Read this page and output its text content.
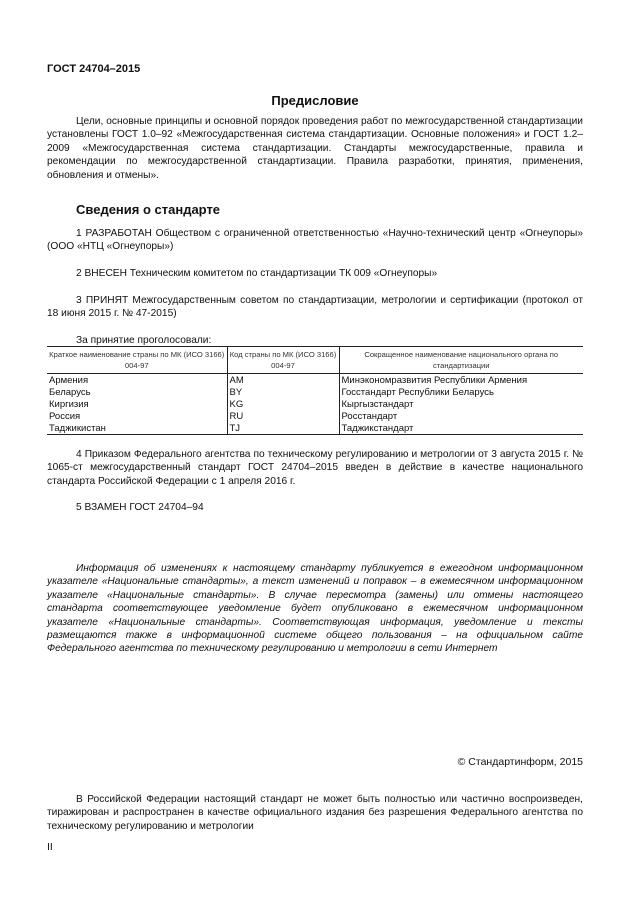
ГОСТ 24704–2015
Предисловие
Цели, основные принципы и основной порядок проведения работ по межгосударственной стандартизации установлены ГОСТ 1.0–92 «Межгосударственная система стандартизации. Основные положения» и ГОСТ 1.2–2009 «Межгосударственная система стандартизации. Стандарты межгосударственные, правила и рекомендации по межгосударственной стандартизации. Правила разработки, принятия, применения, обновления и отмены».
Сведения о стандарте
1 РАЗРАБОТАН Обществом с ограниченной ответственностью «Научно-технический центр «Огнеупоры» (ООО «НТЦ «Огнеупоры»)
2 ВНЕСЕН Техническим комитетом по стандартизации ТК 009 «Огнеупоры»
3 ПРИНЯТ Межгосударственным советом по стандартизации, метрологии и сертификации (протокол от 18 июня 2015 г. № 47-2015)
За принятие проголосовали:
Краткое наименование страны по МК (ИСО 3166) 004-97	Код страны по МК (ИСО 3166) 004-97	Сокращенное наименование национального органа по стандартизации
Армения	AM	Минэкономразвития Республики Армения
Беларусь	BY	Госстандарт Республики Беларусь
Киргизия	KG	Кыргызстандарт
Россия	RU	Росстандарт
Таджикистан	TJ	Таджикстандарт
4 Приказом Федерального агентства по техническому регулированию и метрологии от 3 августа 2015 г. № 1065-ст межгосударственный стандарт ГОСТ 24704–2015 введен в действие в качестве национального стандарта Российской Федерации с 1 апреля 2016 г.
5 ВЗАМЕН ГОСТ 24704–94
Информация об изменениях к настоящему стандарту публикуется в ежегодном информационном указателе «Национальные стандарты», а текст изменений и поправок – в ежемесячном информационном указателе «Национальные стандарты». В случае пересмотра (замены) или отмены настоящего стандарта соответствующее уведомление будет опубликовано в ежемесячном информационном указателе «Национальные стандарты». Соответствующая информация, уведомление и тексты размещаются также в информационной системе общего пользования – на официальном сайте Федерального агентства по техническому регулированию и метрологии в сети Интернет
© Стандартинформ, 2015
В Российской Федерации настоящий стандарт не может быть полностью или частично воспроизведен, тиражирован и распространен в качестве официального издания без разрешения Федерального агентства по техническому регулированию и метрологии
II
